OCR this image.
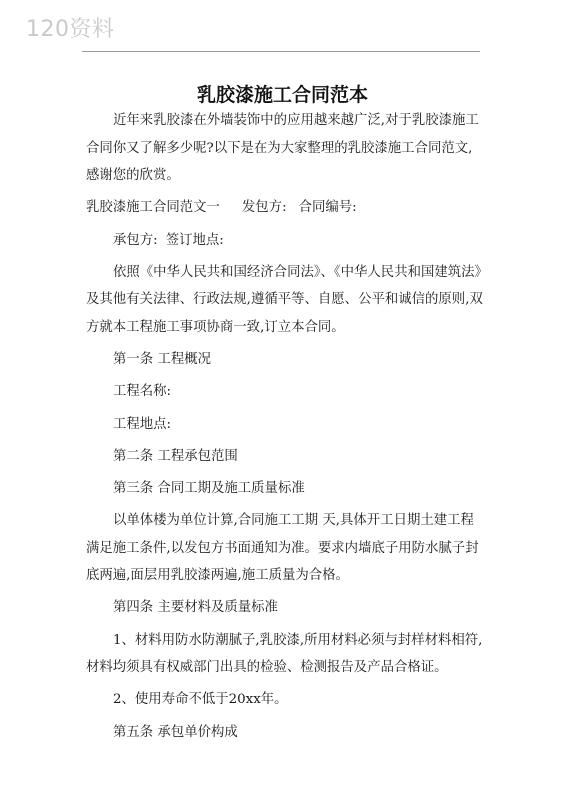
120资料
乳胶漆施工合同范本

近年来乳胶漆在外墙装饰中的应用越来越广泛,对于乳胶漆施工合同你又了解多少呢?以下是在为大家整理的乳胶漆施工合同范文,感谢您的欣赏。

乳胶漆施工合同范文一 发包方: 合同编号:

承包方: 签订地点:

依照《中华人民共和国经济合同法》、《中华人民共和国建筑法》及其他有关法律、行政法规,遵循平等、自愿、公平和诚信的原则,双方就本工程施工事项协商一致,订立本合同。

第一条 工程概况

工程名称:

工程地点:

第二条 工程承包范围

第三条 合同工期及施工质量标准

以单体楼为单位计算,合同施工工期 天,具体开工日期土建工程满足施工条件,以发包方书面通知为准。要求内墙底子用防水腻子封底两遍,面层用乳胶漆两遍,施工质量为合格。

第四条 主要材料及质量标准

1、材料用防水防潮腻子,乳胶漆,所用材料必须与封样材料相符,材料均须具有权威部门出具的检验、检测报告及产品合格证。

2、使用寿命不低于20xx年。

第五条 承包单价构成
